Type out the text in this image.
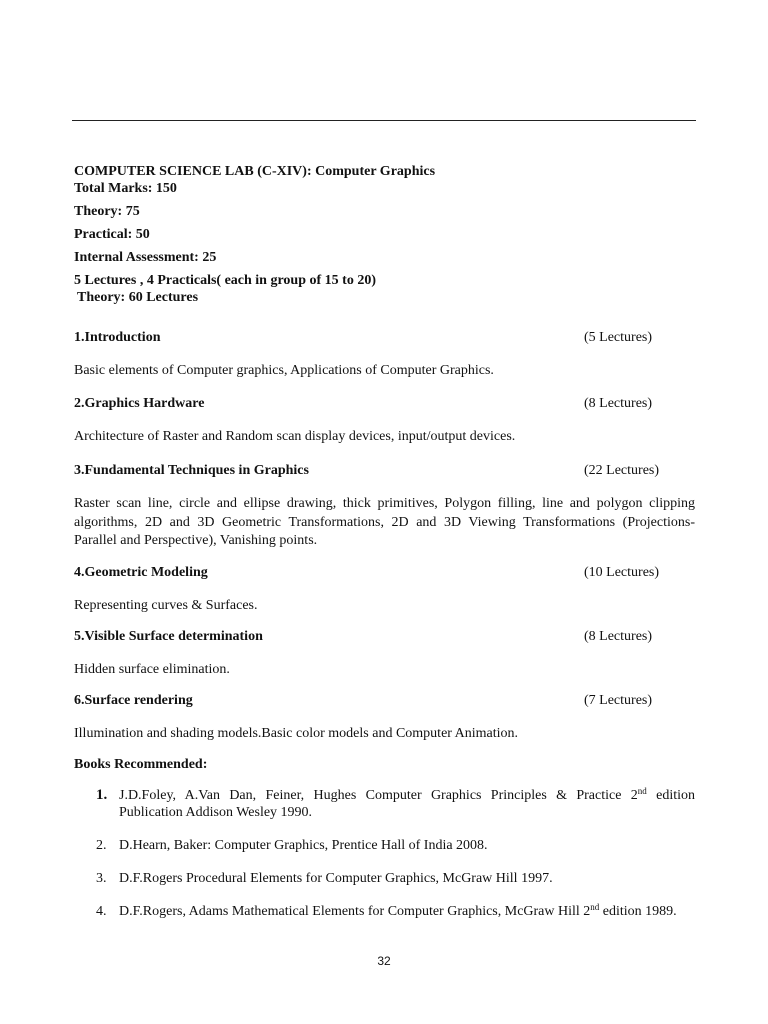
COMPUTER SCIENCE LAB (C-XIV): Computer Graphics
Total Marks: 150
Theory: 75
Practical: 50
Internal Assessment: 25
5 Lectures , 4 Practicals( each in group of 15 to 20)
Theory: 60 Lectures
1.Introduction	(5 Lectures)
Basic elements of Computer graphics, Applications of Computer Graphics.
2.Graphics Hardware	(8 Lectures)
Architecture of Raster and Random scan display devices, input/output devices.
3.Fundamental Techniques in Graphics	(22 Lectures)
Raster scan line, circle and ellipse drawing, thick primitives, Polygon filling, line and polygon clipping algorithms, 2D and 3D Geometric Transformations, 2D and 3D Viewing Transformations (Projections- Parallel and Perspective), Vanishing points.
4.Geometric Modeling	(10 Lectures)
Representing curves & Surfaces.
5.Visible Surface determination	(8 Lectures)
Hidden surface elimination.
6.Surface rendering	(7 Lectures)
Illumination and shading models.Basic color models and Computer Animation.
Books Recommended:
1. J.D.Foley, A.Van Dan, Feiner, Hughes Computer Graphics Principles & Practice 2nd edition Publication Addison Wesley 1990.
2. D.Hearn, Baker: Computer Graphics, Prentice Hall of India 2008.
3. D.F.Rogers Procedural Elements for Computer Graphics, McGraw Hill 1997.
4. D.F.Rogers, Adams Mathematical Elements for Computer Graphics, McGraw Hill 2nd edition 1989.
32
